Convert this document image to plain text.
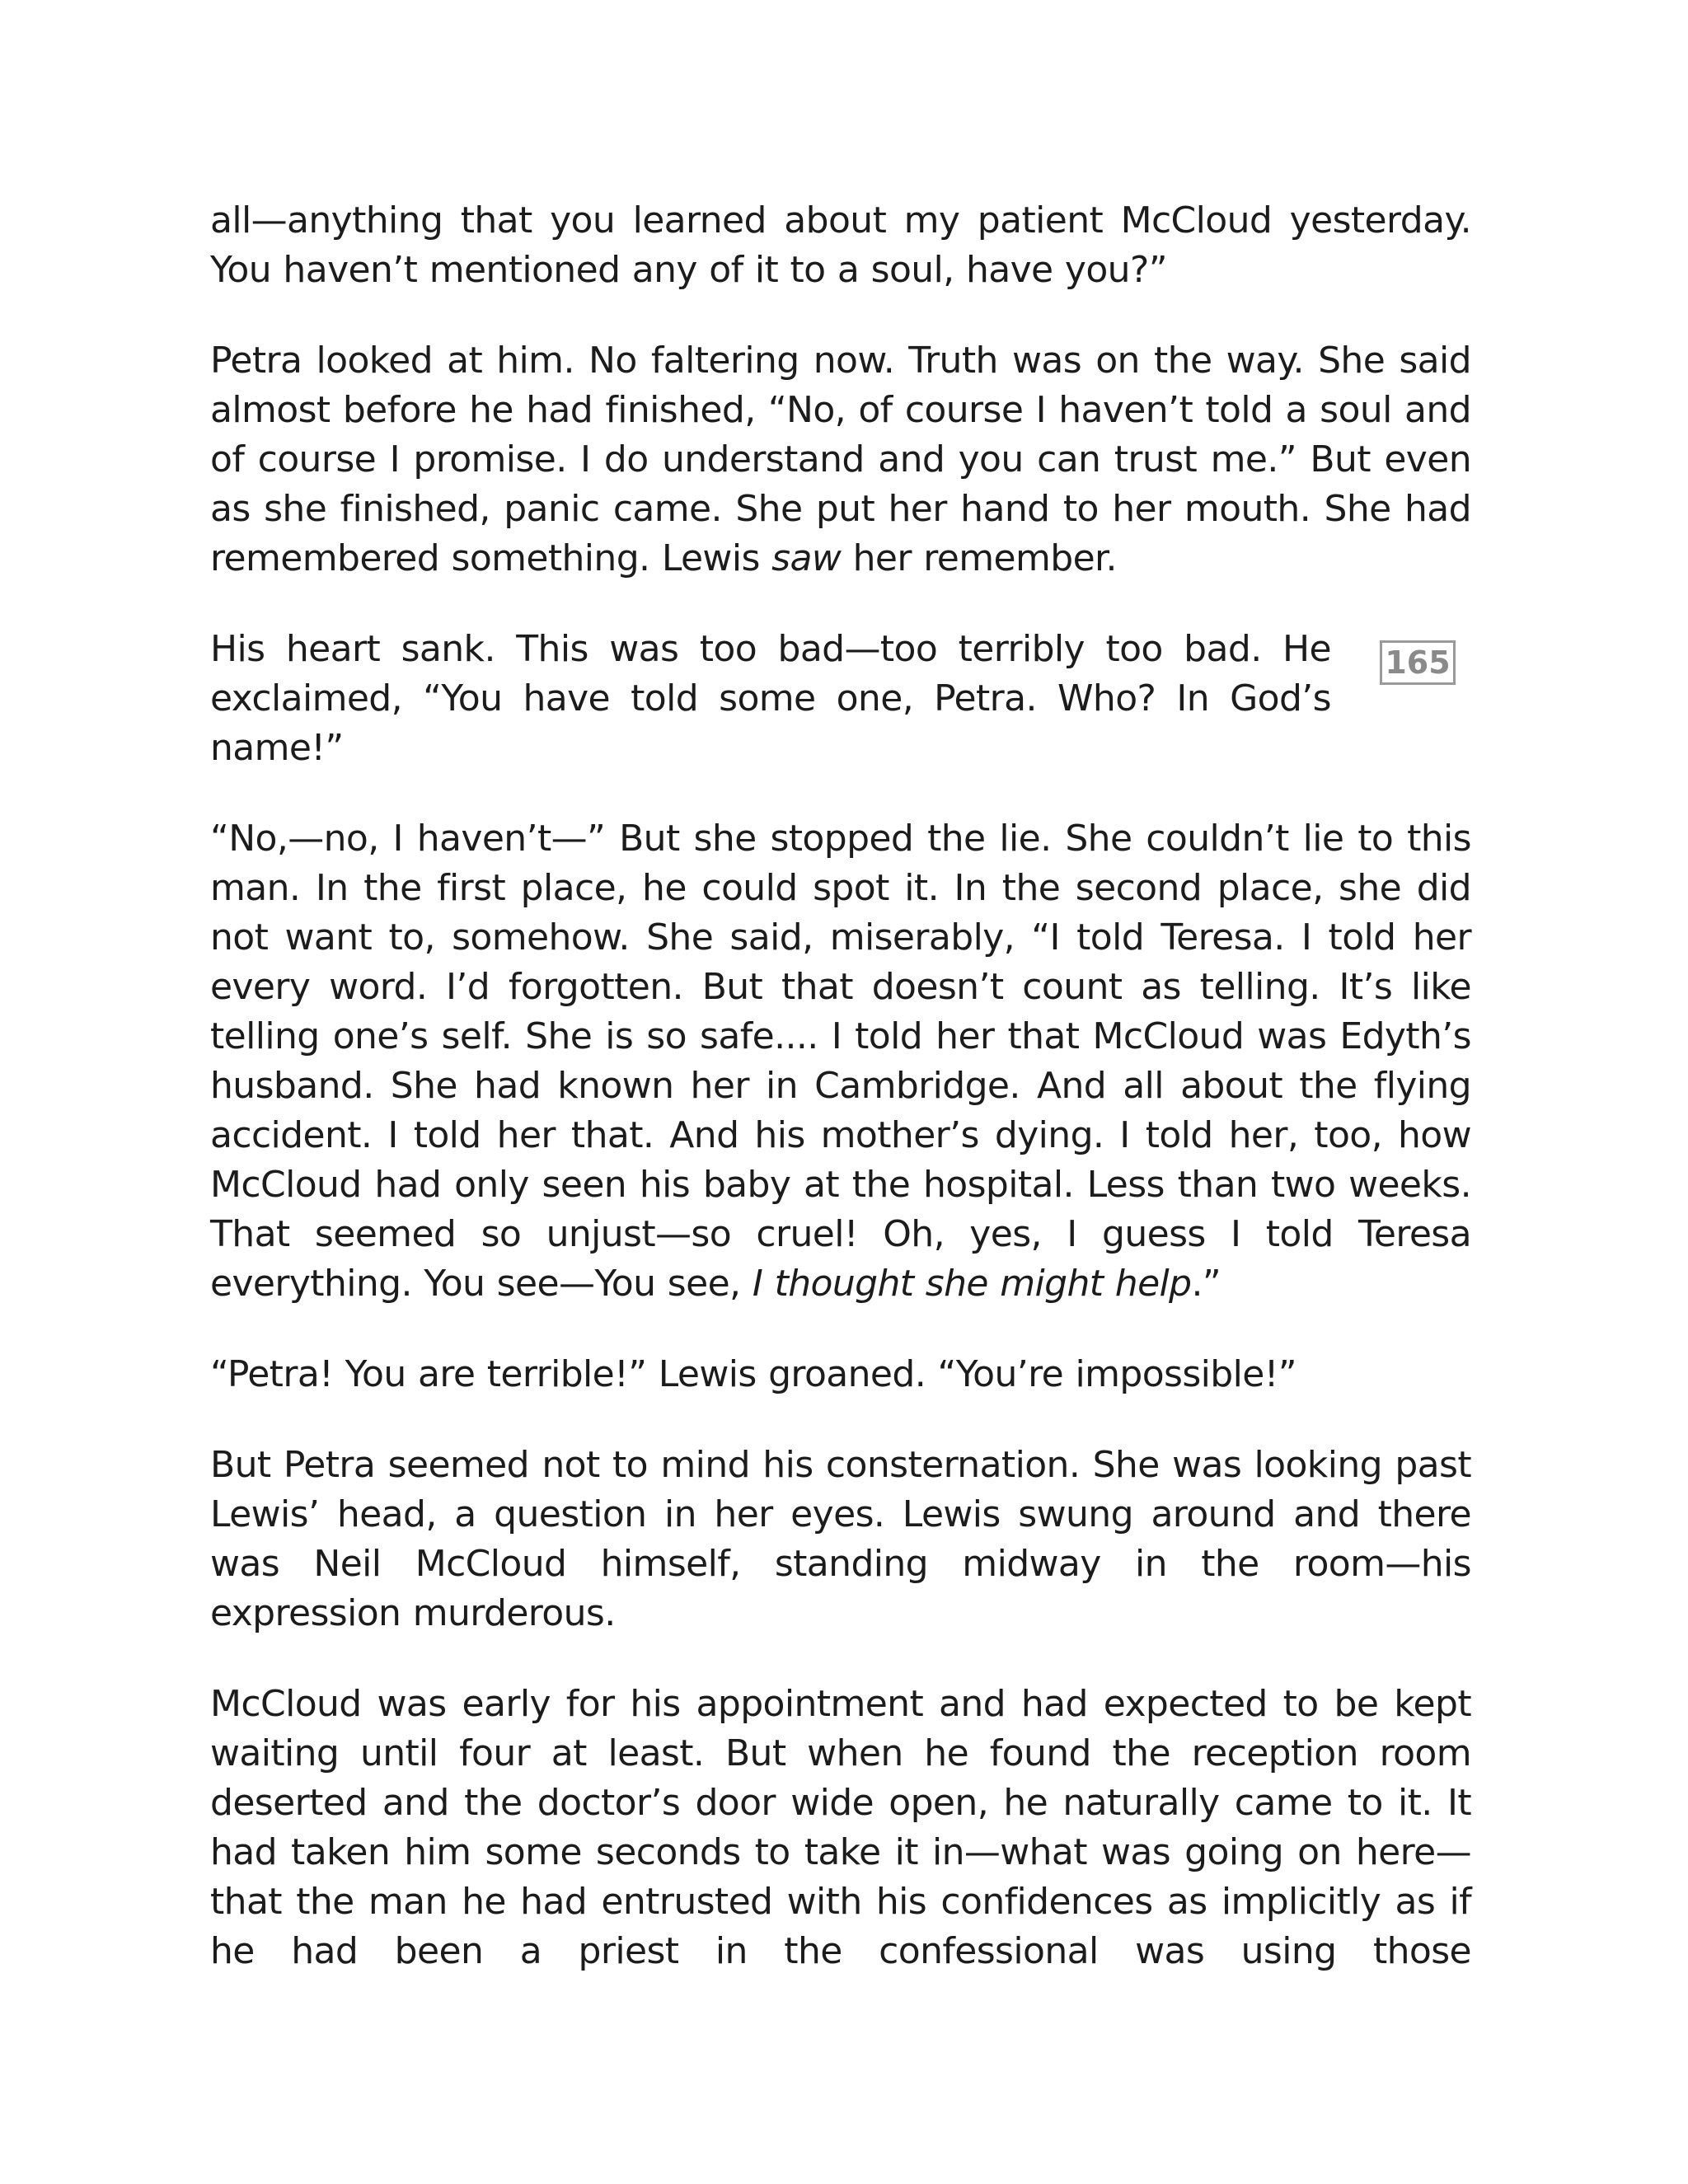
all—anything that you learned about my patient McCloud yesterday. You haven’t mentioned any of it to a soul, have you?”

Petra looked at him. No faltering now. Truth was on the way. She said almost before he had finished, “No, of course I haven’t told a soul and of course I promise. I do understand and you can trust me.” But even as she finished, panic came. She put her hand to her mouth. She had remembered something. Lewis saw her remember.

His heart sank. This was too bad—too terribly too bad. He exclaimed, “You have told some one, Petra. Who? In God’s name!”

“No,—no, I haven’t—” But she stopped the lie. She couldn’t lie to this man. In the first place, he could spot it. In the second place, she did not want to, somehow. She said, miserably, “I told Teresa. I told her every word. I’d forgotten. But that doesn’t count as telling. It’s like telling one’s self. She is so safe.... I told her that McCloud was Edyth’s husband. She had known her in Cambridge. And all about the flying accident. I told her that. And his mother’s dying. I told her, too, how McCloud had only seen his baby at the hospital. Less than two weeks. That seemed so unjust—so cruel! Oh, yes, I guess I told Teresa everything. You see—You see, I thought she might help.”

“Petra! You are terrible!” Lewis groaned. “You’re impossible!”

But Petra seemed not to mind his consternation. She was looking past Lewis’ head, a question in her eyes. Lewis swung around and there was Neil McCloud himself, standing midway in the room—his expression murderous.

McCloud was early for his appointment and had expected to be kept waiting until four at least. But when he found the reception room deserted and the doctor’s door wide open, he naturally came to it. It had taken him some seconds to take it in—what was going on here—that the man he had entrusted with his confidences as implicitly as if he had been a priest in the confessional was using those

165
